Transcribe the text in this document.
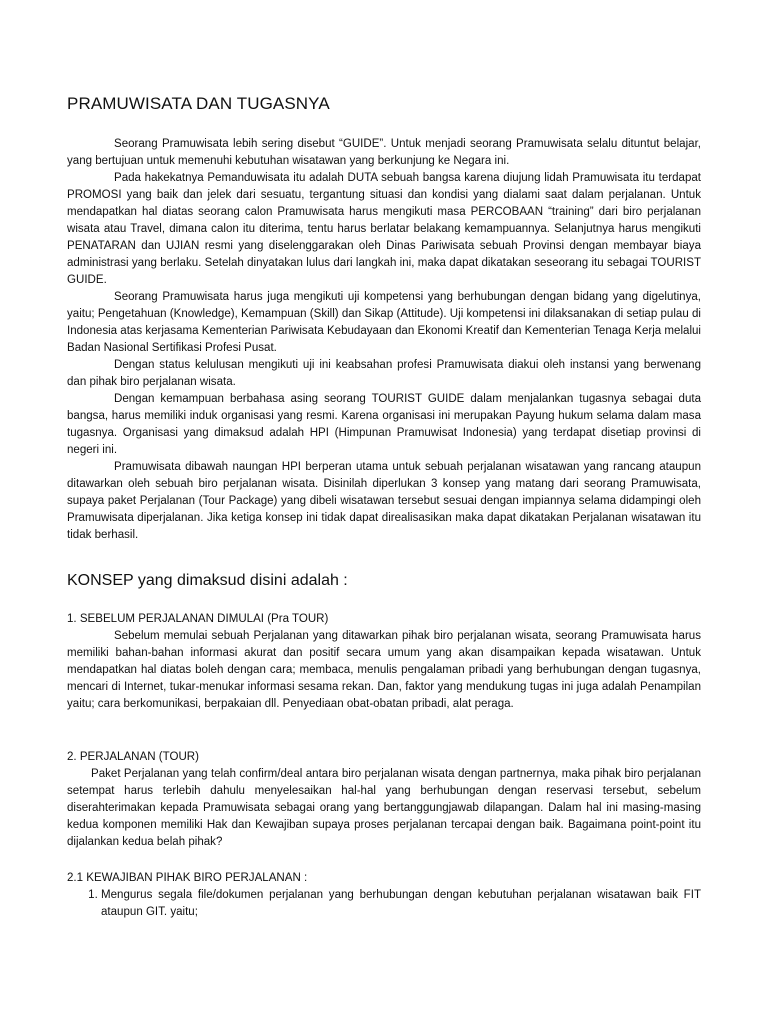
PRAMUWISATA DAN TUGASNYA

Seorang Pramuwisata lebih sering disebut “GUIDE”. Untuk menjadi seorang Pramuwisata selalu dituntut belajar, yang bertujuan untuk memenuhi kebutuhan wisatawan yang berkunjung ke Negara ini.

Pada hakekatnya Pemanduwisata itu adalah DUTA sebuah bangsa karena diujung lidah Pramuwisata itu terdapat PROMOSI yang baik dan jelek dari sesuatu, tergantung situasi dan kondisi yang dialami saat dalam perjalanan. Untuk mendapatkan hal diatas seorang calon Pramuwisata harus mengikuti masa PERCOBAAN “training” dari biro perjalanan wisata atau Travel, dimana calon itu diterima, tentu harus berlatar belakang kemampuannya. Selanjutnya harus mengikuti PENATARAN dan UJIAN resmi yang diselenggarakan oleh Dinas Pariwisata sebuah Provinsi dengan membayar biaya administrasi yang berlaku. Setelah dinyatakan lulus dari langkah ini, maka dapat dikatakan seseorang itu sebagai TOURIST GUIDE.

Seorang Pramuwisata harus juga mengikuti uji kompetensi yang berhubungan dengan bidang yang digelutinya, yaitu; Pengetahuan (Knowledge), Kemampuan (Skill) dan Sikap (Attitude). Uji kompetensi ini dilaksanakan di setiap pulau di Indonesia atas kerjasama Kementerian Pariwisata Kebudayaan dan Ekonomi Kreatif dan Kementerian Tenaga Kerja melalui Badan Nasional Sertifikasi Profesi Pusat.

Dengan status kelulusan mengikuti uji ini keabsahan profesi Pramuwisata diakui oleh instansi yang berwenang dan pihak biro perjalanan wisata.

Dengan kemampuan berbahasa asing seorang TOURIST GUIDE dalam menjalankan tugasnya sebagai duta bangsa, harus memiliki induk organisasi yang resmi. Karena organisasi ini merupakan Payung hukum selama dalam masa tugasnya. Organisasi yang dimaksud adalah HPI (Himpunan Pramuwisat Indonesia) yang terdapat disetiap provinsi di negeri ini.

Pramuwisata dibawah naungan HPI berperan utama untuk sebuah perjalanan wisatawan yang rancang ataupun ditawarkan oleh sebuah biro perjalanan wisata. Disinilah diperlukan 3 konsep yang matang dari seorang Pramuwisata, supaya paket Perjalanan (Tour Package) yang dibeli wisatawan tersebut sesuai dengan impiannya selama didampingi oleh Pramuwisata diperjalanan. Jika ketiga konsep ini tidak dapat direalisasikan maka dapat dikatakan Perjalanan wisatawan itu tidak berhasil.

KONSEP yang dimaksud disini adalah :
1. SEBELUM PERJALANAN DIMULAI (Pra TOUR)

Sebelum memulai sebuah Perjalanan yang ditawarkan pihak biro perjalanan wisata, seorang Pramuwisata harus memiliki bahan-bahan informasi akurat dan positif secara umum yang akan disampaikan kepada wisatawan. Untuk mendapatkan hal diatas boleh dengan cara; membaca, menulis pengalaman pribadi yang berhubungan dengan tugasnya, mencari di Internet, tukar-menukar informasi sesama rekan. Dan, faktor yang mendukung tugas ini juga adalah Penampilan yaitu; cara berkomunikasi, berpakaian dll. Penyediaan obat-obatan pribadi, alat peraga.

2. PERJALANAN (TOUR)

Paket Perjalanan yang telah confirm/deal antara biro perjalanan wisata dengan partnernya, maka pihak biro perjalanan setempat harus terlebih dahulu menyelesaikan hal-hal yang berhubungan dengan reservasi tersebut, sebelum diserahterimakan kepada Pramuwisata sebagai orang yang bertanggungjawab dilapangan. Dalam hal ini masing-masing kedua komponen memiliki Hak dan Kewajiban supaya proses perjalanan tercapai dengan baik. Bagaimana point-point itu dijalankan kedua belah pihak?

2.1 KEWAJIBAN PIHAK BIRO PERJALANAN :
1. Mengurus segala file/dokumen perjalanan yang berhubungan dengan kebutuhan perjalanan wisatawan baik FIT ataupun GIT. yaitu;
